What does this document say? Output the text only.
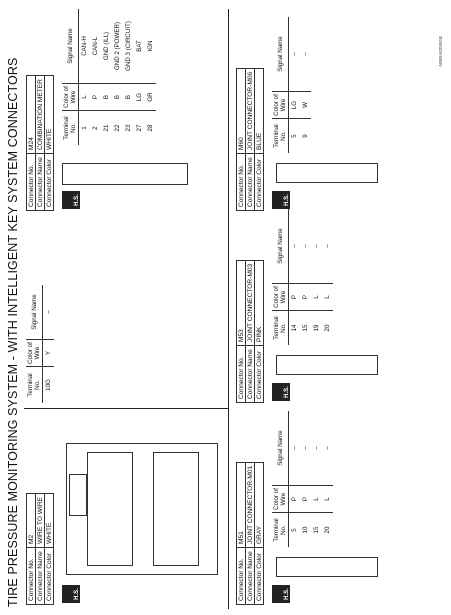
TIRE PRESSURE MONITORING SYSTEM - WITH INTELLIGENT KEY SYSTEM CONNECTORS Connector No.	M2
Connector Name	WIRE TO WIRE
Connector Color	WHITE
H.S.
Terminal No.	Color of Wire	Signal Name
10G	Y	–
Connector No.	M24
Connector Name	COMBINATION METER
Connector Color	WHITE
H.S.
Terminal No.	Color of Wire	Signal Name
1	L	CAN-H
2	P	CAN-L
21	B	GND (ILL)
22	B	GND 2 (POWER)
23	B	GND 3 (CIRCUIT)
27	LG	BAT
28	GR	IGN
Connector No.	M51
Connector Name	JOINT CONNECTOR-M01
Connector Color	GRAY
H.S.
Terminal No.	Color of Wire	Signal Name
5	P	–
10	P	–
15	L	–
20	L	–
Connector No.	M53
Connector Name	JOINT CONNECTOR-M03
Connector Color	PINK
H.S.
Terminal No.	Color of Wire	Signal Name
14	P	–
15	P	–
19	L	–
20	L	–
Connector No.	M60
Connector Name	JOINT CONNECTOR-M06
Connector Color	BLUE
H.S.
Terminal No.	Color of Wire	Signal Name
5	LG	–
9	W	–	AWEIA0250GB
